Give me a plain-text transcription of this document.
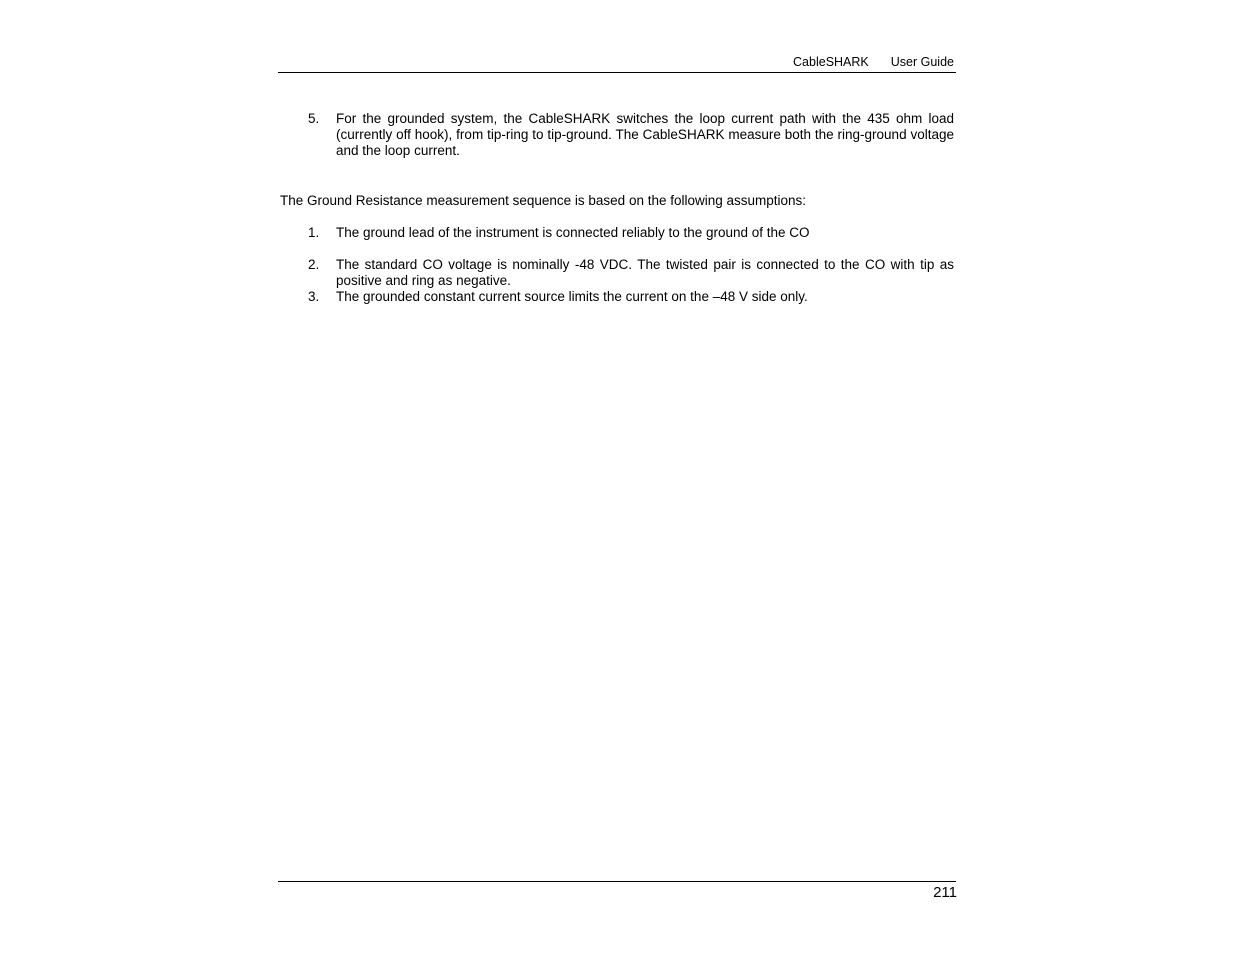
CableSHARK User Guide
5. For the grounded system, the CableSHARK switches the loop current path with the 435 ohm load (currently off hook), from tip-ring to tip-ground. The CableSHARK measure both the ring-ground voltage and the loop current.
The Ground Resistance measurement sequence is based on the following assumptions:
1. The ground lead of the instrument is connected reliably to the ground of the CO
2. The standard CO voltage is nominally -48 VDC. The twisted pair is connected to the CO with tip as positive and ring as negative.
3. The grounded constant current source limits the current on the –48 V side only.
211
